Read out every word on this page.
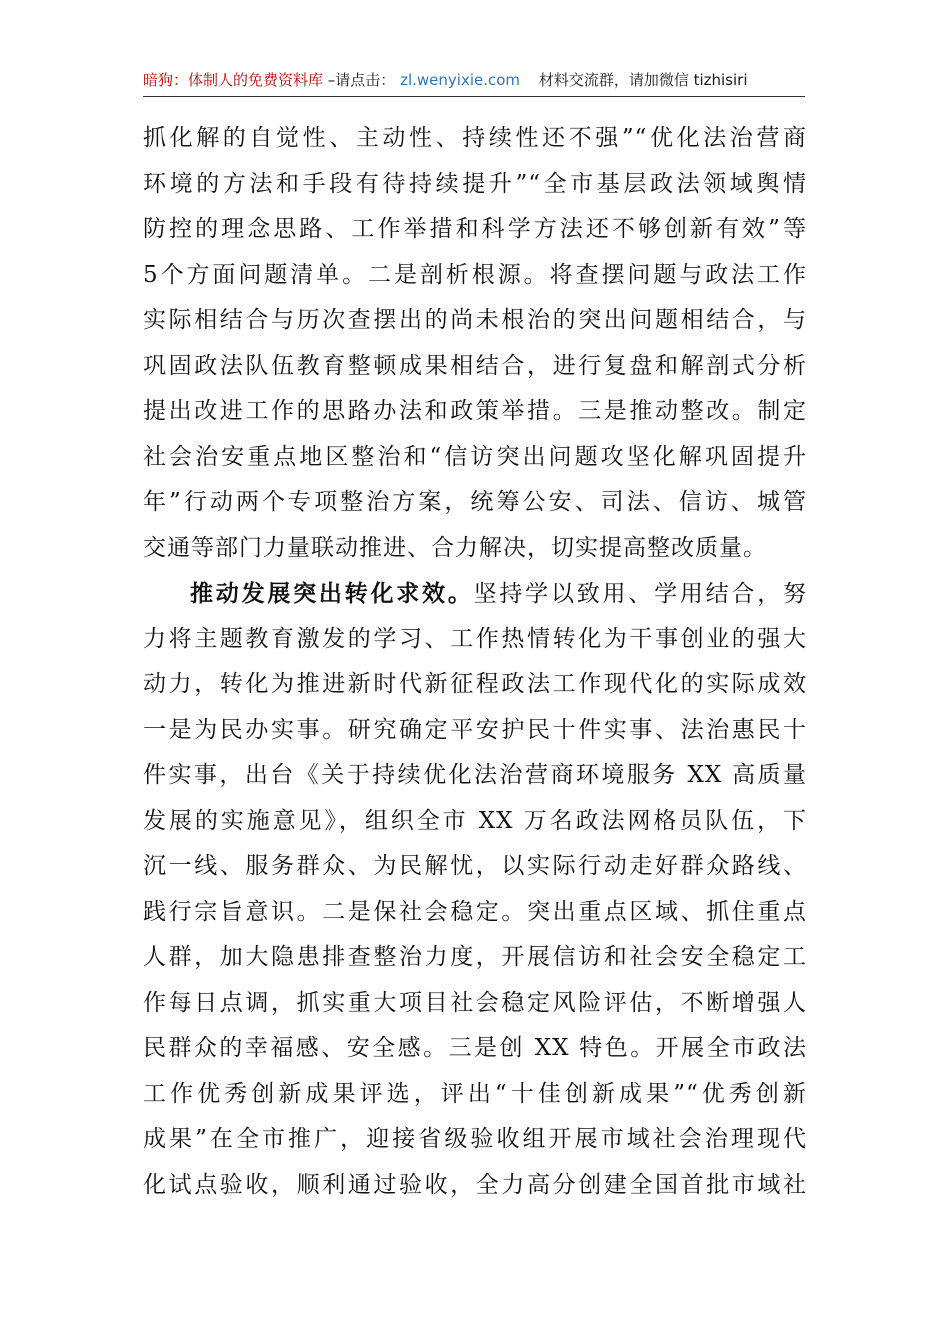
暗狗：体制人的免费资料库 –请点击： zl.wenyixie.com 材料交流群，请加微信 tizhisiri
抓化解的自觉性、主动性、持续性还不强”“优化法治营商
环境的方法和手段有待持续提升”“全市基层政法领域舆情
防控的理念思路、工作举措和科学方法还不够创新有效”等
5个方面问题清单。二是剖析根源。将查摆问题与政法工作
实际相结合与历次查摆出的尚未根治的突出问题相结合，与
巩固政法队伍教育整顿成果相结合，进行复盘和解剖式分析
提出改进工作的思路办法和政策举措。三是推动整改。制定
社会治安重点地区整治和“信访突出问题攻坚化解巩固提升
年”行动两个专项整治方案，统筹公安、司法、信访、城管
交通等部门力量联动推进、合力解决，切实提高整改质量。
推动发展突出转化求效。坚持学以致用、学用结合，努
力将主题教育激发的学习、工作热情转化为干事创业的强大
动力，转化为推进新时代新征程政法工作现代化的实际成效
一是为民办实事。研究确定平安护民十件实事、法治惠民十
件实事，出台《关于持续优化法治营商环境服务 XX 高质量
发展的实施意见》，组织全市 XX 万名政法网格员队伍，下
沉一线、服务群众、为民解忧，以实际行动走好群众路线、
践行宗旨意识。二是保社会稳定。突出重点区域、抓住重点
人群，加大隐患排查整治力度，开展信访和社会安全稳定工
作每日点调，抓实重大项目社会稳定风险评估，不断增强人
民群众的幸福感、安全感。三是创 XX 特色。开展全市政法
工作优秀创新成果评选，评出“十佳创新成果”“优秀创新
成果”在全市推广，迎接省级验收组开展市域社会治理现代
化试点验收，顺利通过验收，全力高分创建全国首批市域社
